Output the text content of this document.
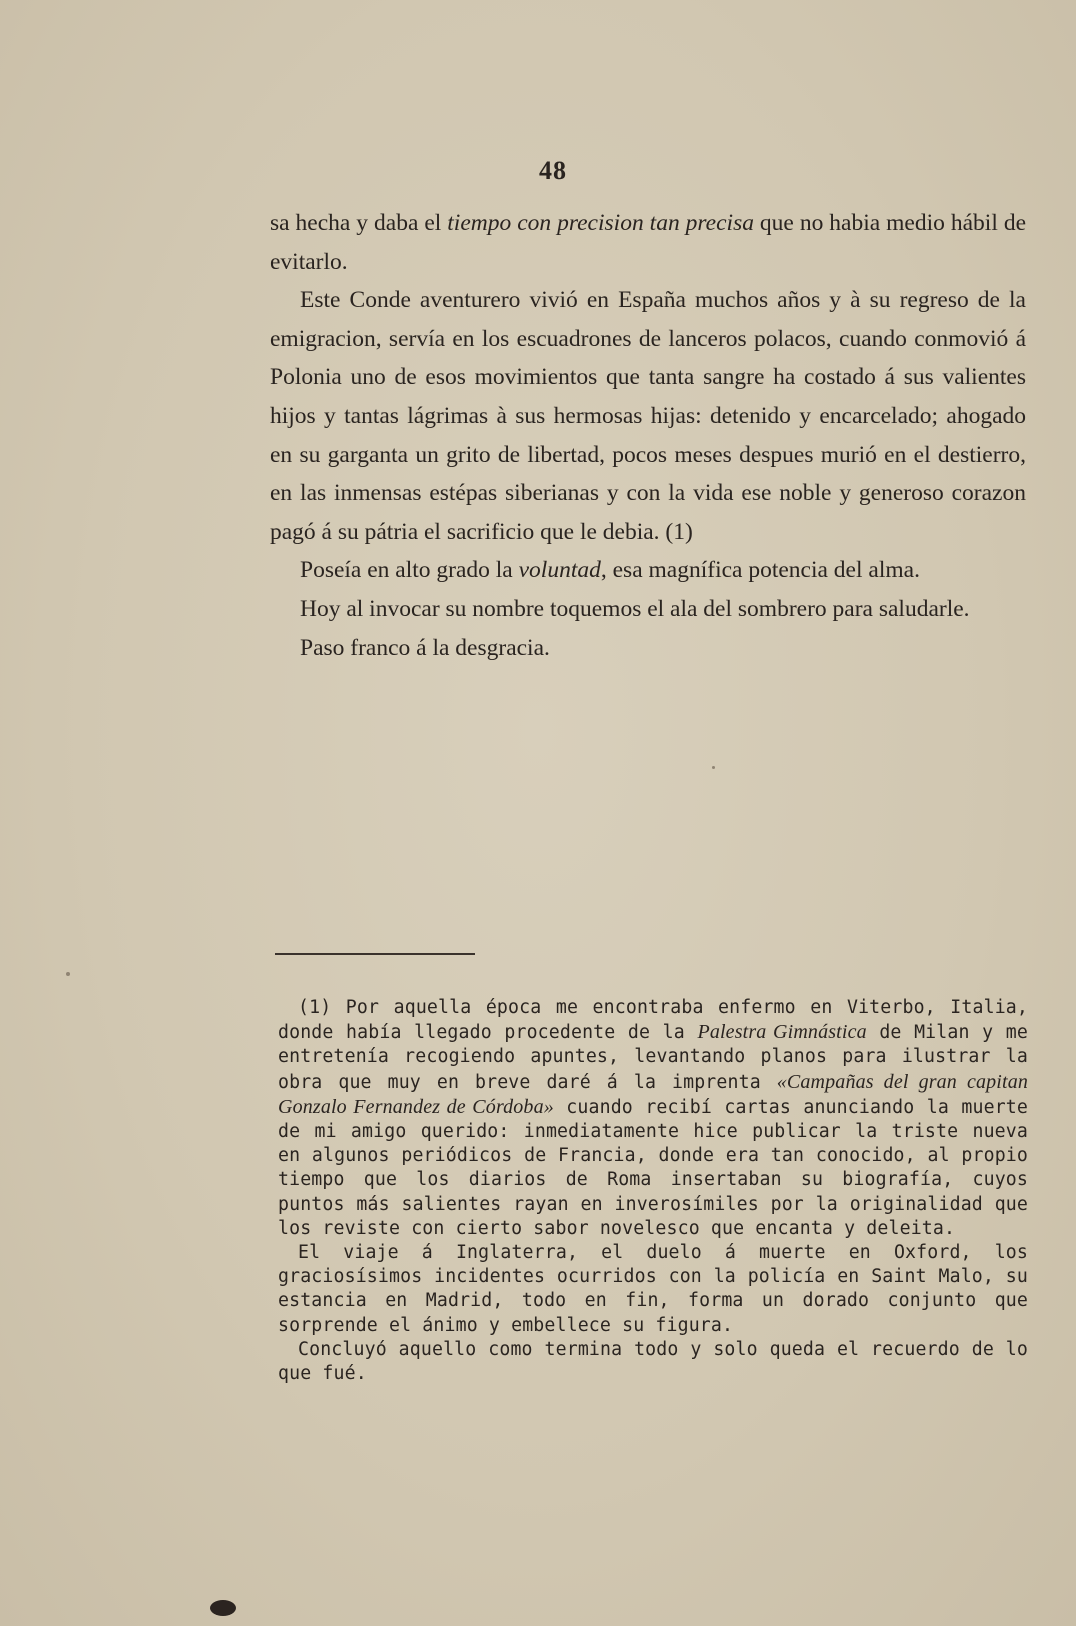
48

sa hecha y daba el tiempo con precision tan precisa que no habia medio hábil de evitarlo.

Este Conde aventurero vivió en España muchos años y à su regreso de la emigracion, servía en los escuadrones de lanceros polacos, cuando conmovió á Polonia uno de esos movimientos que tanta sangre ha costado á sus valientes hijos y tantas lágrimas à sus hermosas hijas: detenido y encarcelado; ahogado en su garganta un grito de libertad, pocos meses despues murió en el destierro, en las inmensas estépas siberianas y con la vida ese noble y generoso corazon pagó á su pátria el sacrificio que le debia. (1)

Poseía en alto grado la voluntad, esa magnífica potencia del alma.

Hoy al invocar su nombre toquemos el ala del sombrero para saludarle.

Paso franco á la desgracia.

(1) Por aquella época me encontraba enfermo en Viterbo, Italia, donde había llegado procedente de la Palestra Gimnástica de Milan y me entretenía recogiendo apuntes, levantando planos para ilustrar la obra que muy en breve daré á la imprenta «Campañas del gran capitan Gonzalo Fernandez de Córdoba» cuando recibí cartas anunciando la muerte de mi amigo querido: inmediatamente hice publicar la triste nueva en algunos periódicos de Francia, donde era tan conocido, al propio tiempo que los diarios de Roma insertaban su biografía, cuyos puntos más salientes rayan en inverosímiles por la originalidad que los reviste con cierto sabor novelesco que encanta y deleita.

El viaje á Inglaterra, el duelo á muerte en Oxford, los graciosísimos incidentes ocurridos con la policía en Saint Malo, su estancia en Madrid, todo en fin, forma un dorado conjunto que sorprende el ánimo y embellece su figura.

Concluyó aquello como termina todo y solo queda el recuerdo de lo que fué.
